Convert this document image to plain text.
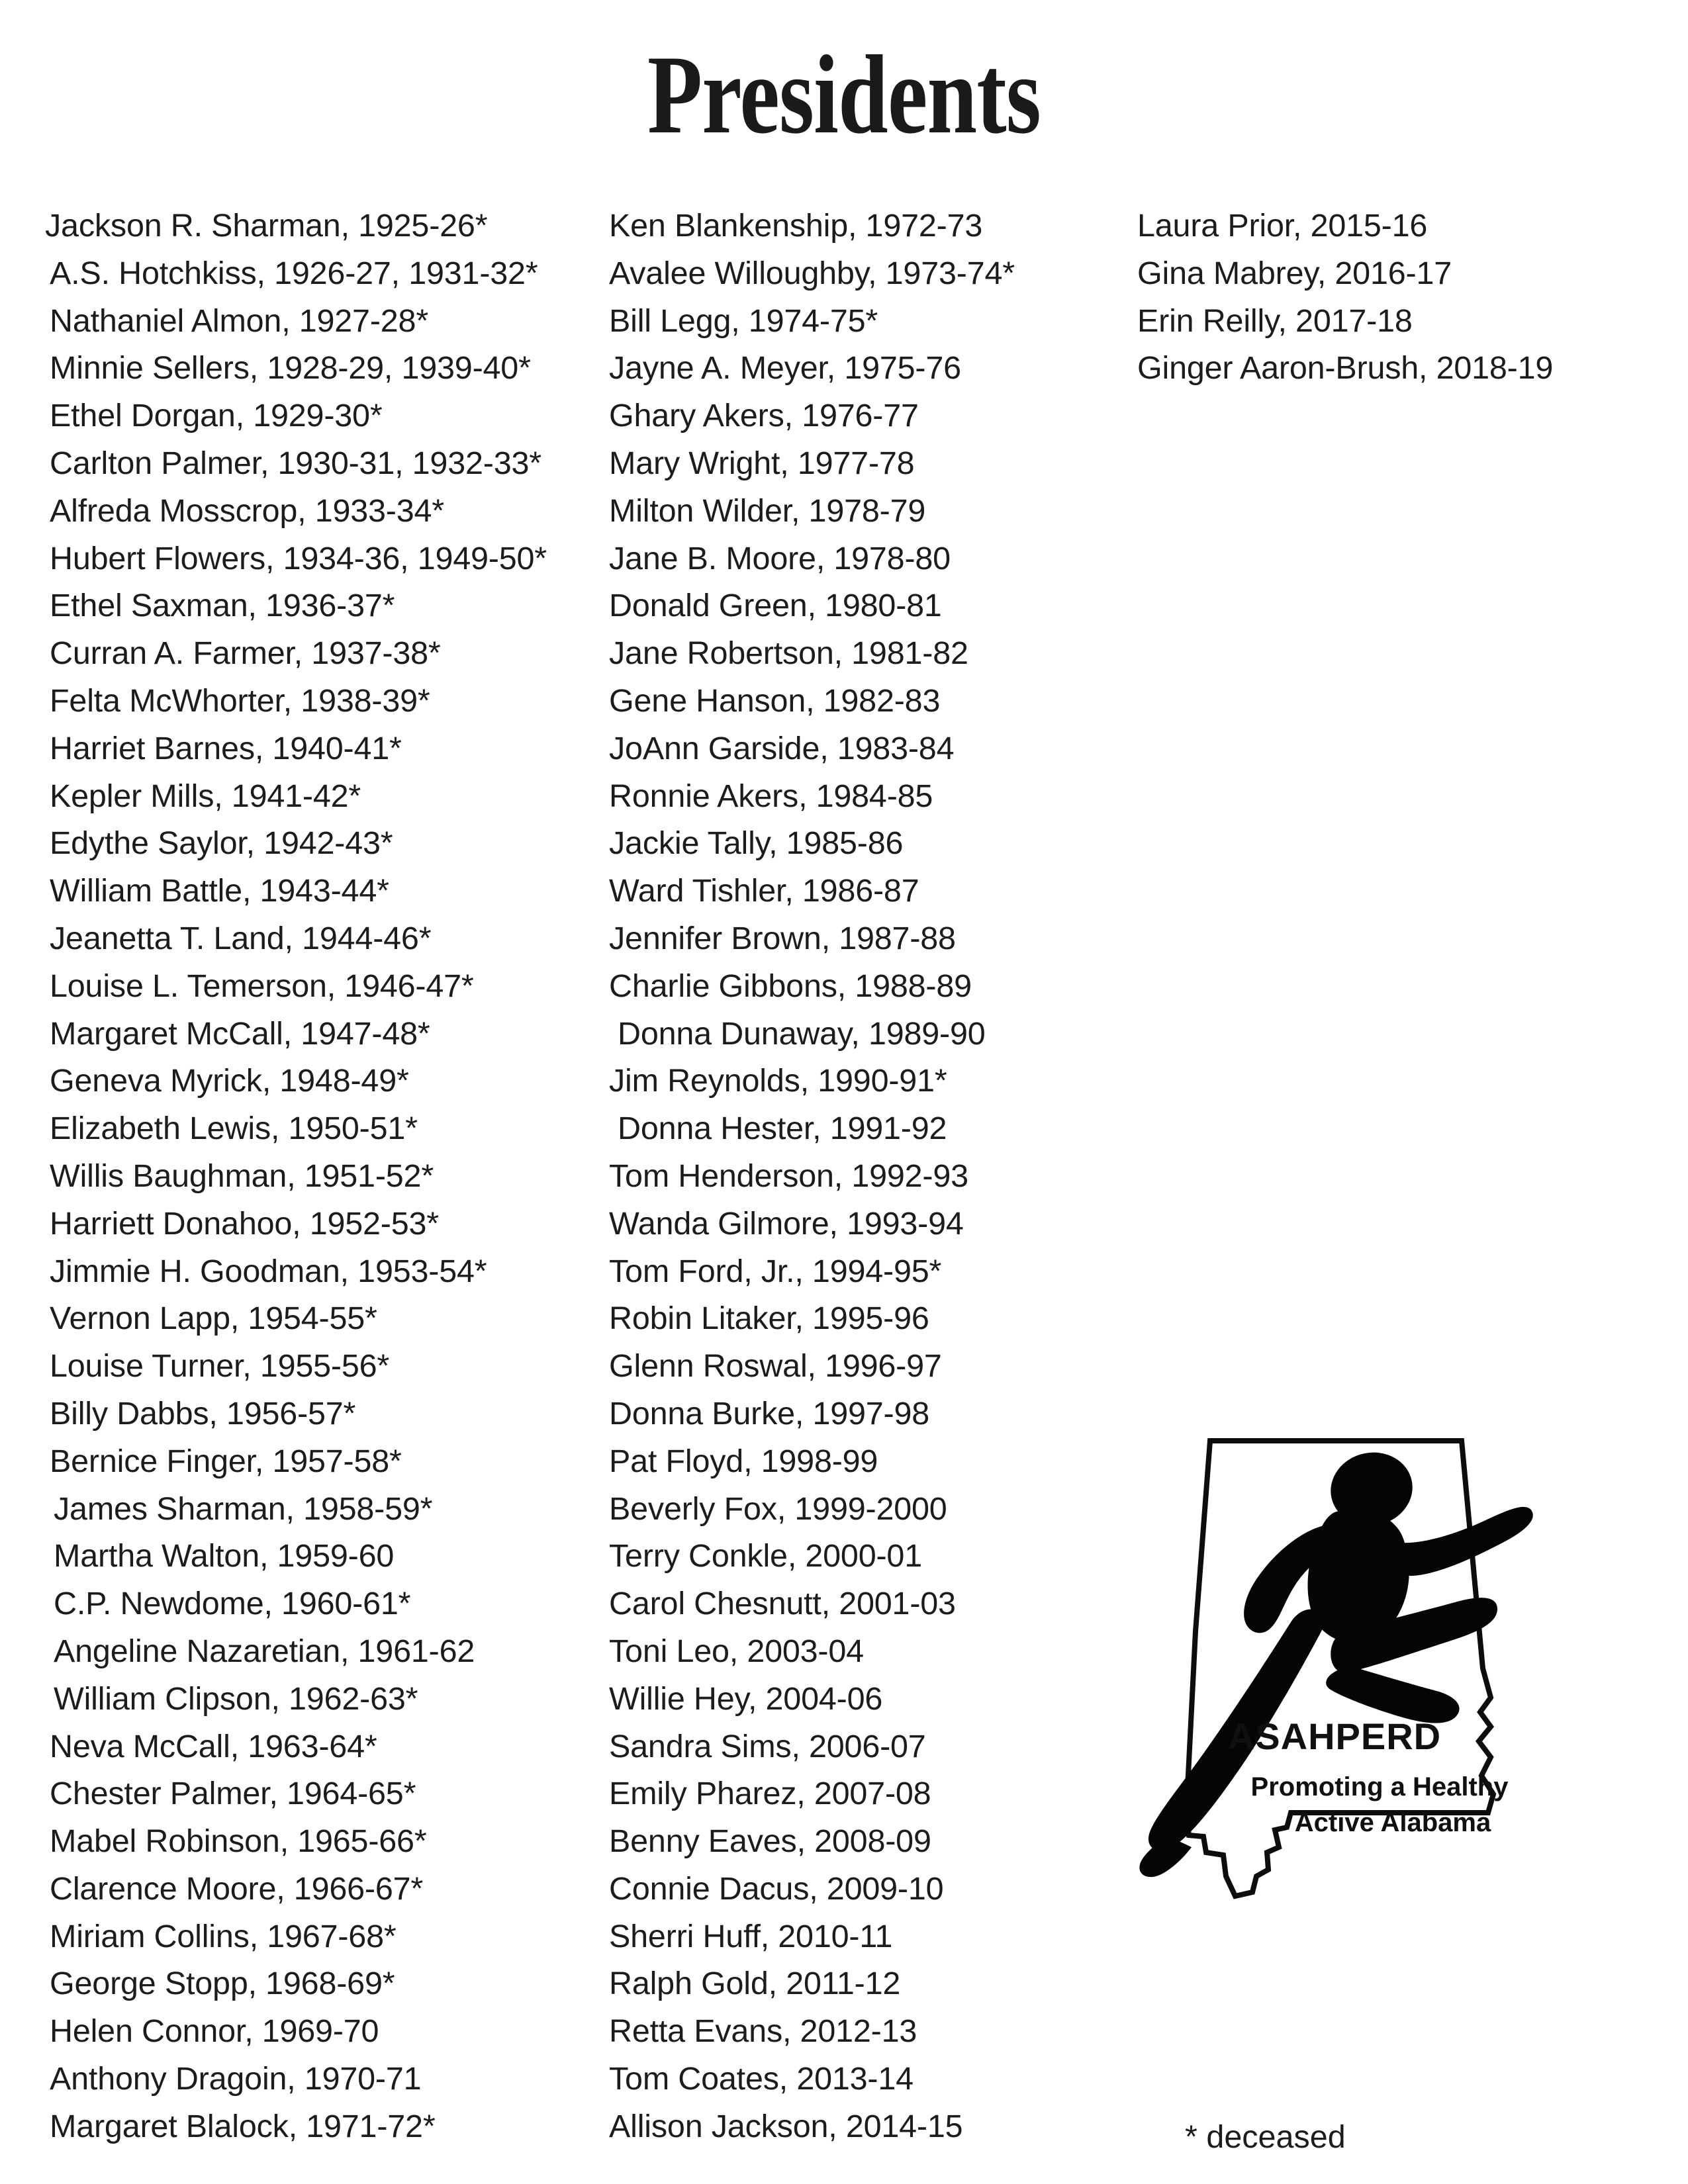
Presidents
Jackson R. Sharman, 1925-26*
A.S. Hotchkiss, 1926-27, 1931-32*
Nathaniel Almon, 1927-28*
Minnie Sellers, 1928-29, 1939-40*
Ethel Dorgan, 1929-30*
Carlton Palmer, 1930-31, 1932-33*
Alfreda Mosscrop, 1933-34*
Hubert Flowers, 1934-36, 1949-50*
Ethel Saxman, 1936-37*
Curran A. Farmer, 1937-38*
Felta McWhorter, 1938-39*
Harriet Barnes, 1940-41*
Kepler Mills, 1941-42*
Edythe Saylor, 1942-43*
William Battle, 1943-44*
Jeanetta T. Land, 1944-46*
Louise L. Temerson, 1946-47*
Margaret McCall, 1947-48*
Geneva Myrick, 1948-49*
Elizabeth Lewis, 1950-51*
Willis Baughman, 1951-52*
Harriett Donahoo, 1952-53*
Jimmie H. Goodman, 1953-54*
Vernon Lapp, 1954-55*
Louise Turner, 1955-56*
Billy Dabbs, 1956-57*
Bernice Finger, 1957-58*
James Sharman, 1958-59*
Martha Walton, 1959-60
C.P. Newdome, 1960-61*
Angeline Nazaretian, 1961-62
William Clipson, 1962-63*
Neva McCall, 1963-64*
Chester Palmer, 1964-65*
Mabel Robinson, 1965-66*
Clarence Moore, 1966-67*
Miriam Collins, 1967-68*
George Stopp, 1968-69*
Helen Connor, 1969-70
Anthony Dragoin, 1970-71
Margaret Blalock, 1971-72*
Ken Blankenship, 1972-73
Avalee Willoughby, 1973-74*
Bill Legg, 1974-75*
Jayne A. Meyer, 1975-76
Ghary Akers, 1976-77
Mary Wright, 1977-78
Milton Wilder, 1978-79
Jane B. Moore, 1978-80
Donald Green, 1980-81
Jane Robertson, 1981-82
Gene Hanson, 1982-83
JoAnn Garside, 1983-84
Ronnie Akers, 1984-85
Jackie Tally, 1985-86
Ward Tishler, 1986-87
Jennifer Brown, 1987-88
Charlie Gibbons, 1988-89
Donna Dunaway, 1989-90
Jim Reynolds, 1990-91*
Donna Hester, 1991-92
Tom Henderson, 1992-93
Wanda Gilmore, 1993-94
Tom Ford, Jr., 1994-95*
Robin Litaker, 1995-96
Glenn Roswal, 1996-97
Donna Burke, 1997-98
Pat Floyd, 1998-99
Beverly Fox, 1999-2000
Terry Conkle, 2000-01
Carol Chesnutt, 2001-03
Toni Leo, 2003-04
Willie Hey, 2004-06
Sandra Sims, 2006-07
Emily Pharez, 2007-08
Benny Eaves, 2008-09
Connie Dacus, 2009-10
Sherri Huff, 2010-11
Ralph Gold, 2011-12
Retta Evans, 2012-13
Tom Coates, 2013-14
Allison Jackson, 2014-15
Laura Prior, 2015-16
Gina Mabrey, 2016-17
Erin Reilly, 2017-18
Ginger Aaron-Brush, 2018-19
ASAHPERD
Promoting a Healthy
Active Alabama
* deceased
